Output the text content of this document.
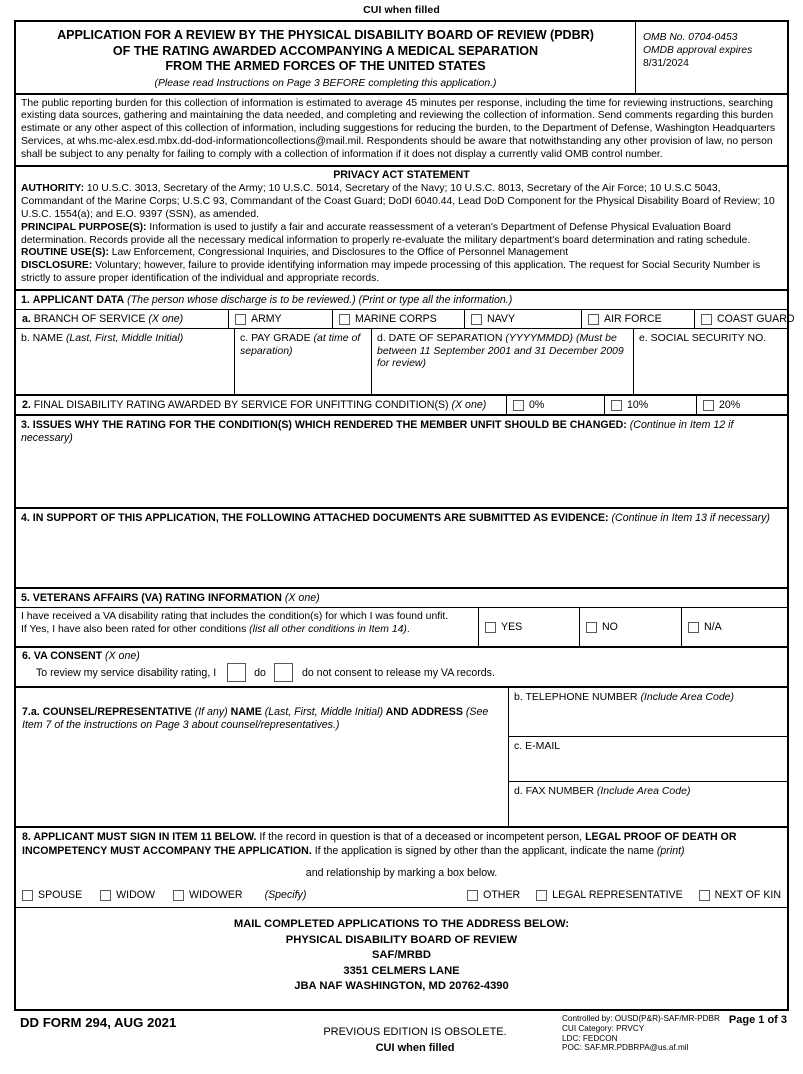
CUI when filled
APPLICATION FOR A REVIEW BY THE PHYSICAL DISABILITY BOARD OF REVIEW (PDBR)
OF THE RATING AWARDED ACCOMPANYING A MEDICAL SEPARATION
FROM THE ARMED FORCES OF THE UNITED STATES
(Please read Instructions on Page 3 BEFORE completing this application.)
OMB No. 0704-0453
OMDB approval expires
8/31/2024
The public reporting burden for this collection of information is estimated to average 45 minutes per response, including the time for reviewing instructions, searching existing data sources, gathering and maintaining the data needed, and completing and reviewing the collection of information. Send comments regarding this burden estimate or any other aspect of this collection of information, including suggestions for reducing the burden, to the Department of Defense, Washington Headquarters Services, at whs.mc-alex.esd.mbx.dd-dod-informationcollections@mail.mil. Respondents should be aware that notwithstanding any other provision of law, no person shall be subject to any penalty for failing to comply with a collection of information if it does not display a currently valid OMB control number.
PRIVACY ACT STATEMENT
AUTHORITY: 10 U.S.C. 3013, Secretary of the Army; 10 U.S.C. 5014, Secretary of the Navy; 10 U.S.C. 8013, Secretary of the Air Force; 10 U.S.C 5043, Commandant of the Marine Corps; U.S.C 93, Commandant of the Coast Guard; DoDI 6040.44, Lead DoD Component for the Physical Disability Board of Review; 10 U.S.C. 1554(a); and E.O. 9397 (SSN), as amended.
PRINCIPAL PURPOSE(S): Information is used to justify a fair and accurate reassessment of a veteran's Department of Defense Physical Evaluation Board determination. Records provide all the necessary medical information to properly re-evaluate the military department's board determination and rating schedule.
ROUTINE USE(S): Law Enforcement, Congressional Inquiries, and Disclosures to the Office of Personnel Management
DISCLOSURE: Voluntary; however, failure to provide identifying information may impede processing of this application. The request for Social Security Number is strictly to assure proper identification of the individual and appropriate records.
1. APPLICANT DATA (The person whose discharge is to be reviewed.) (Print or type all the information.)
a. BRANCH OF SERVICE (X one)	ARMY	MARINE CORPS	NAVY	AIR FORCE	COAST GUARD
b. NAME (Last, First, Middle Initial)	c. PAY GRADE (at time of separation)
d. DATE OF SEPARATION (YYYYMMDD) (Must be between 11 September 2001 and 31 December 2009 for review)
e. SOCIAL SECURITY NO.
2. FINAL DISABILITY RATING AWARDED BY SERVICE FOR UNFITTING CONDITION(S) (X one)	0%	10%	20%
3. ISSUES WHY THE RATING FOR THE CONDITION(S) WHICH RENDERED THE MEMBER UNFIT SHOULD BE CHANGED: (Continue in Item 12 if necessary)
4. IN SUPPORT OF THIS APPLICATION, THE FOLLOWING ATTACHED DOCUMENTS ARE SUBMITTED AS EVIDENCE: (Continue in Item 13 if necessary)
5. VETERANS AFFAIRS (VA) RATING INFORMATION (X one)
I have received a VA disability rating that includes the condition(s) for which I was found unfit.
If Yes, I have also been rated for other conditions (list all other conditions in Item 14).	YES	NO	N/A
6. VA CONSENT (X one)
To review my service disability rating, I	do	do not consent to release my VA records.
7.a. COUNSEL/REPRESENTATIVE (If any) NAME (Last, First, Middle Initial) AND ADDRESS (See Item 7 of the instructions on Page 3 about counsel/representatives.)
b. TELEPHONE NUMBER (Include Area Code)
c. E-MAIL
d. FAX NUMBER (Include Area Code)
8. APPLICANT MUST SIGN IN ITEM 11 BELOW. If the record in question is that of a deceased or incompetent person, LEGAL PROOF OF DEATH OR INCOMPETENCY MUST ACCOMPANY THE APPLICATION. If the application is signed by other than the applicant, indicate the name (print)
and relationship by marking a box below.
SPOUSE	WIDOW	WIDOWER (Specify)	OTHER	LEGAL REPRESENTATIVE	NEXT OF KIN
MAIL COMPLETED APPLICATIONS TO THE ADDRESS BELOW:
PHYSICAL DISABILITY BOARD OF REVIEW
SAF/MRBD
3351 CELMERS LANE
JBA NAF WASHINGTON, MD 20762-4390
DD FORM 294, AUG 2021
PREVIOUS EDITION IS OBSOLETE.
CUI when filled
Controlled by: OUSD(P&R)-SAF/MR-PDBR
CUI Category: PRVCY
LDC: FEDCON
POC: SAF.MR.PDBRPA@us.af.mil
Page 1 of 3
